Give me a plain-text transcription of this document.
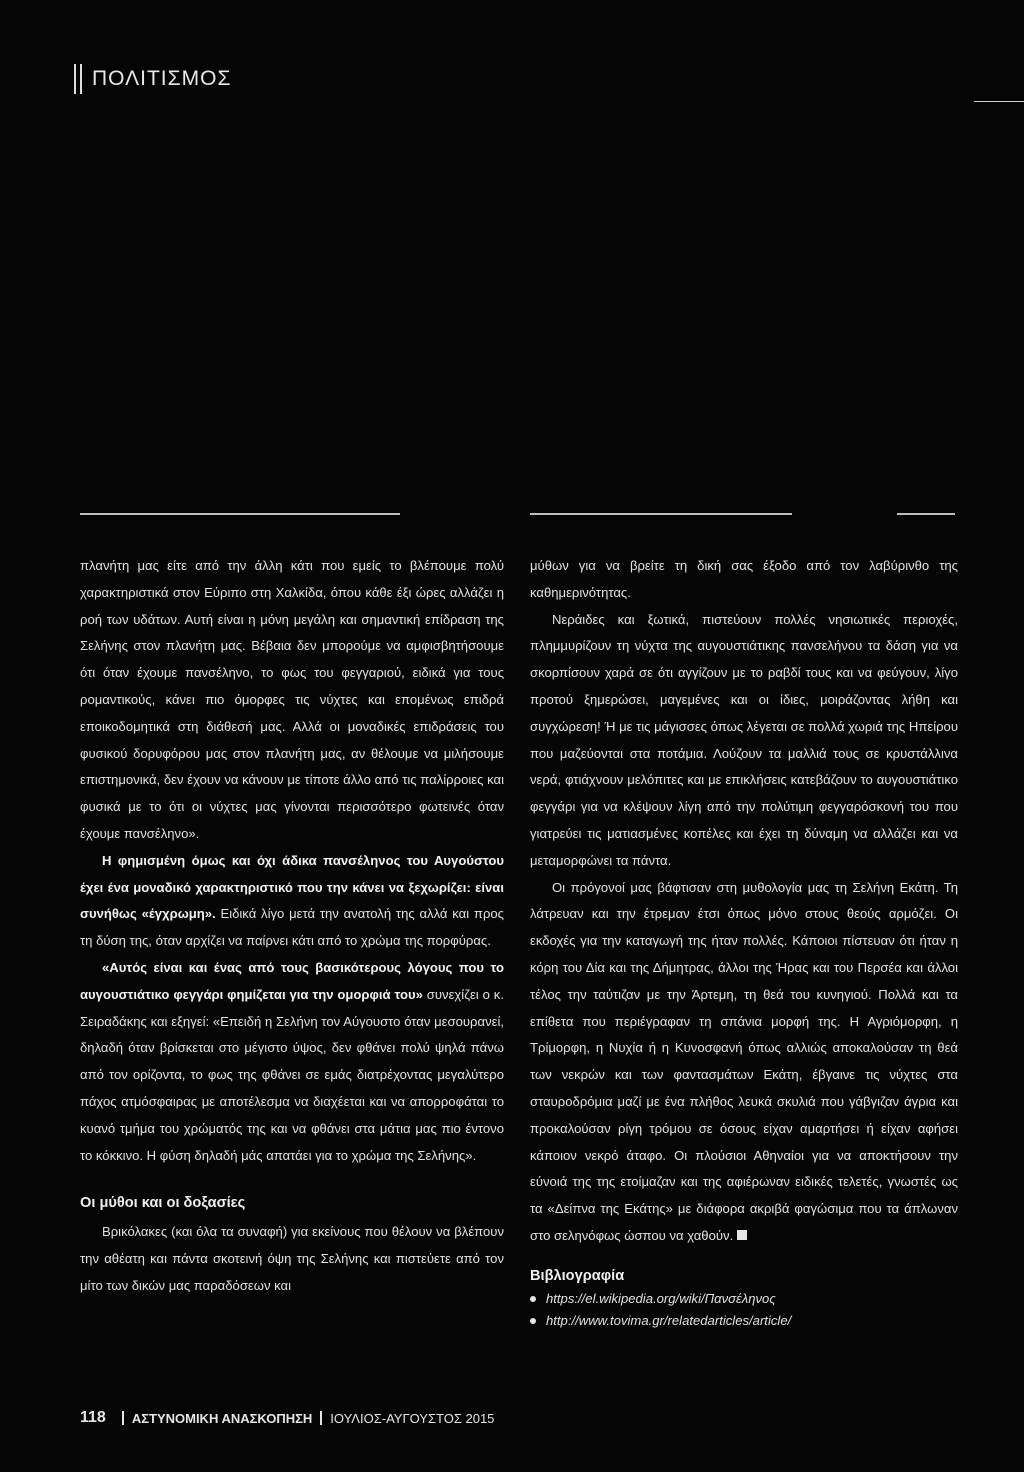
ΠΟΛΙΤΙΣΜΟΣ

πλανήτη μας είτε από την άλλη κάτι που εμείς το βλέπουμε πολύ χαρακτηριστικά στον Εύριπο στη Χαλκίδα, όπου κάθε έξι ώρες αλλάζει η ροή των υδάτων. Αυτή είναι η μόνη μεγάλη και σημαντική επίδραση της Σελήνης στον πλανήτη μας. Βέβαια δεν μπορούμε να αμφισβητήσουμε ότι όταν έχουμε πανσέληνο, το φως του φεγγαριού, ειδικά για τους ρομαντικούς, κάνει πιο όμορφες τις νύχτες και επομένως επιδρά εποικοδομητικά στη διάθεσή μας. Αλλά οι μοναδικές επιδράσεις του φυσικού δορυφόρου μας στον πλανήτη μας, αν θέλουμε να μιλήσουμε επιστημονικά, δεν έχουν να κάνουν με τίποτε άλλο από τις παλίρροιες και φυσικά με το ότι οι νύχτες μας γίνονται περισσότερο φωτεινές όταν έχουμε πανσέληνο».

Η φημισμένη όμως και όχι άδικα πανσέληνος του Αυγούστου έχει ένα μοναδικό χαρακτηριστικό που την κάνει να ξεχωρίζει: είναι συνήθως «έγχρωμη». Ειδικά λίγο μετά την ανατολή της αλλά και προς τη δύση της, όταν αρχίζει να παίρνει κάτι από το χρώμα της πορφύρας.

«Αυτός είναι και ένας από τους βασικότερους λόγους που το αυγουστιάτικο φεγγάρι φημίζεται για την ομορφιά του» συνεχίζει ο κ. Σειραδάκης και εξηγεί: «Επειδή η Σελήνη τον Αύγουστο όταν μεσουρανεί, δηλαδή όταν βρίσκεται στο μέγιστο ύψος, δεν φθάνει πολύ ψηλά πάνω από τον ορίζοντα, το φως της φθάνει σε εμάς διατρέχοντας μεγαλύτερο πάχος ατμόσφαιρας με αποτέλεσμα να διαχέεται και να απορροφάται το κυανό τμήμα του χρώματός της και να φθάνει στα μάτια μας πιο έντονο το κόκκινο. Η φύση δηλαδή μάς απατάει για το χρώμα της Σελήνης».

Οι μύθοι και οι δοξασίες

Βρικόλακες (και όλα τα συναφή) για εκείνους που θέλουν να βλέπουν την αθέατη και πάντα σκοτεινή όψη της Σελήνης και πιστεύετε από τον μίτο των δικών μας παραδόσεων και

μύθων για να βρείτε τη δική σας έξοδο από τον λαβύρινθο της καθημερινότητας.

Νεράιδες και ξωτικά, πιστεύουν πολλές νησιωτικές περιοχές, πλημμυρίζουν τη νύχτα της αυγουστιάτικης πανσελήνου τα δάση για να σκορπίσουν χαρά σε ότι αγγίζουν με το ραβδί τους και να φεύγουν, λίγο προτού ξημερώσει, μαγεμένες και οι ίδιες, μοιράζοντας λήθη και συγχώρεση! Ή με τις μάγισσες όπως λέγεται σε πολλά χωριά της Ηπείρου που μαζεύονται στα ποτάμια. Λούζουν τα μαλλιά τους σε κρυστάλλινα νερά, φτιάχνουν μελόπιτες και με επικλήσεις κατεβάζουν το αυγουστιάτικο φεγγάρι για να κλέψουν λίγη από την πολύτιμη φεγγαρόσκονή του που γιατρεύει τις ματιασμένες κοπέλες και έχει τη δύναμη να αλλάζει και να μεταμορφώνει τα πάντα.

Οι πρόγονοί μας βάφτισαν στη μυθολογία μας τη Σελήνη Εκάτη. Τη λάτρευαν και την έτρεμαν έτσι όπως μόνο στους θεούς αρμόζει. Οι εκδοχές για την καταγωγή της ήταν πολλές. Κάποιοι πίστευαν ότι ήταν η κόρη του Δία και της Δήμητρας, άλλοι της Ήρας και του Περσέα και άλλοι τέλος την ταύτιζαν με την Άρτεμη, τη θεά του κυνηγιού. Πολλά και τα επίθετα που περιέγραφαν τη σπάνια μορφή της. Η Αγριόμορφη, η Τρίμορφη, η Νυχία ή η Κυνοσφανή όπως αλλιώς αποκαλούσαν τη θεά των νεκρών και των φαντασμάτων Εκάτη, έβγαινε τις νύχτες στα σταυροδρόμια μαζί με ένα πλήθος λευκά σκυλιά που γάβγιζαν άγρια και προκαλούσαν ρίγη τρόμου σε όσους είχαν αμαρτήσει ή είχαν αφήσει κάποιον νεκρό άταφο. Οι πλούσιοι Αθηναίοι για να αποκτήσουν την εύνοιά της της ετοίμαζαν και της αφιέρωναν ειδικές τελετές, γνωστές ως τα «Δείπνα της Εκάτης» με διάφορα ακριβά φαγώσιμα που τα άπλωναν στο σεληνόφως ώσπου να χαθούν.

Βιβλιογραφία

https://el.wikipedia.org/wiki/Πανσέληνος
http://www.tovima.gr/relatedarticles/article/
118 ΑΣΤΥΝΟΜΙΚΗ ΑΝΑΣΚΟΠΗΣΗ ΙΟΥΛΙΟΣ-ΑΥΓΟΥΣΤΟΣ 2015
